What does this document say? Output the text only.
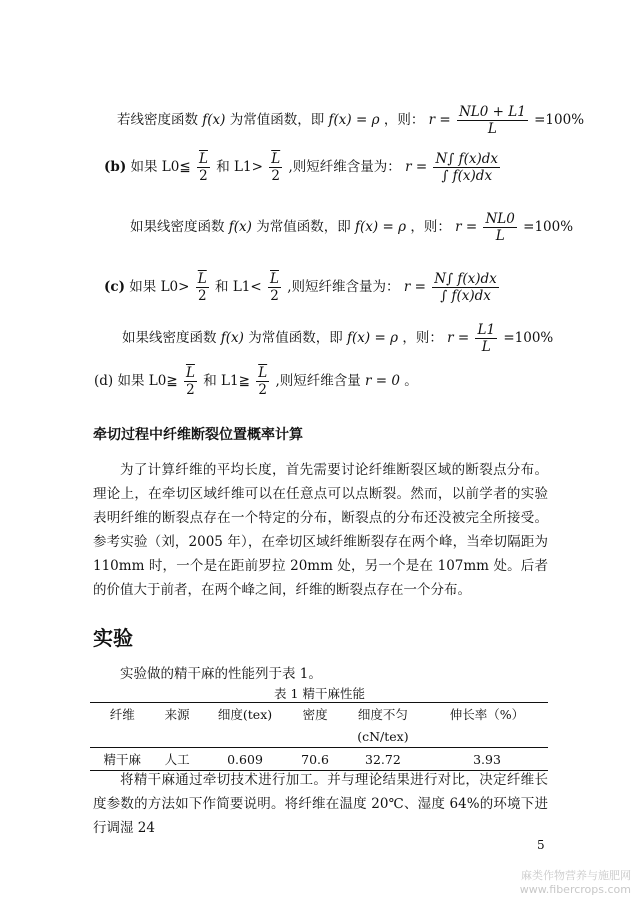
若线密度函数 f(x) 为常值函数，即 f(x) = ρ ，则： $r = \frac{NL0 + L1}{L} =100\%$
(b) 如果 L0≦ $\frac{\overline{L}}{2}$ 和 $L1> \frac{\overline{L}}{2}$ ,则短纤维含量为： $r = \frac{N\int f(x)dx}{\int f(x)dx}$
如果线密度函数 f(x) 为常值函数，即 f(x) = ρ ，则： $r = \frac{NL0}{L} =100\%$
(c) 如果 $L0> \frac{\overline{L}}{2}$ 和 $L1< \frac{\overline{L}}{2}$ ,则短纤维含量为： $r = \frac{N\int f(x)dx}{\int f(x)dx}$
如果线密度函数 f(x) 为常值函数，即 f(x) = ρ ，则： $r = \frac{L1}{L} =100\%$
(d) 如果 L0≧ $\frac{\overline{L}}{2}$ 和 L1≧ $\frac{\overline{L}}{2}$ ,则短纤维含量 r = 0 。
牵切过程中纤维断裂位置概率计算
为了计算纤维的平均长度，首先需要讨论纤维断裂区域的断裂点分布。理论上，在牵切区域纤维可以在任意点可以点断裂。然而，以前学者的实验表明纤维的断裂点存在一个特定的分布，断裂点的分布还没被完全所接受。参考实验（刘，2005 年），在牵切区域纤维断裂存在两个峰，当牵切隔距为 110mm 时，一个是在距前罗拉 20mm 处，另一个是在 107mm 处。后者的价值大于前者，在两个峰之间，纤维的断裂点存在一个分布。
实验
实验做的精干麻的性能列于表 1。
表 1 精干麻性能
纤维	来源	细度(tex)	密度	细度不匀	伸长率（%）
				(cN/tex)	
精干麻	人工	0.609	70.6	32.72	3.93
将精干麻通过牵切技术进行加工。并与理论结果进行对比，决定纤维长度参数的方法如下作简要说明。将纤维在温度 20℃、湿度 64%的环境下进行调湿 24
5
麻类作物营养与施肥网
www.fibercrops.com
